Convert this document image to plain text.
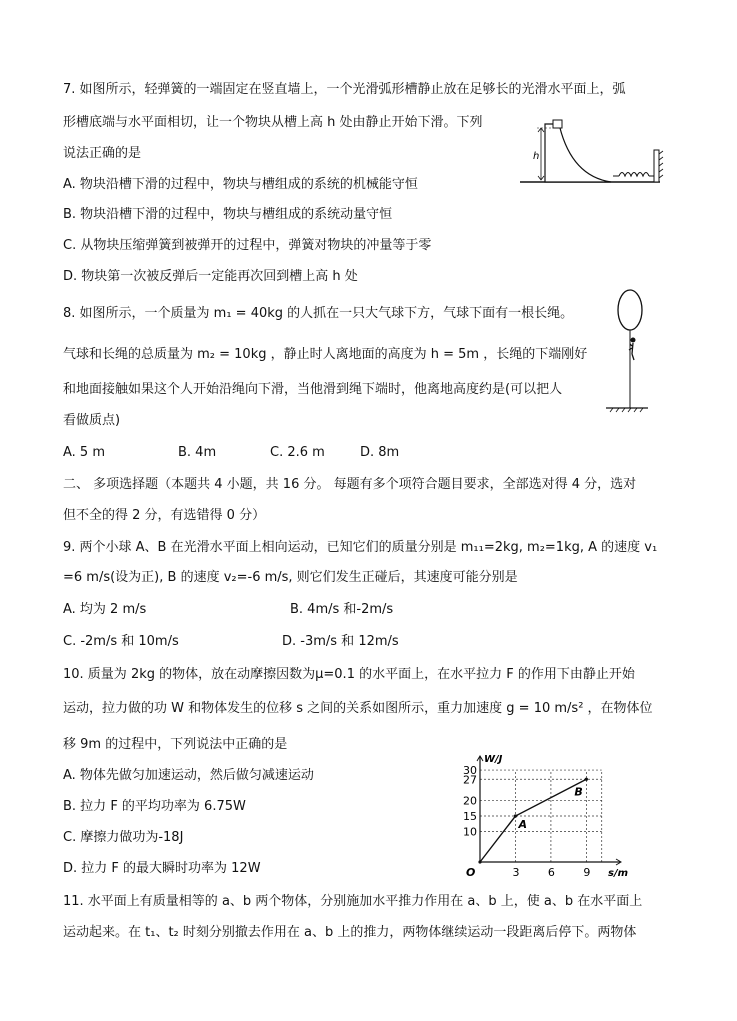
7. 如图所示，轻弹簧的一端固定在竖直墙上，一个光滑弧形槽静止放在足够长的光滑水平面上，弧
形槽底端与水平面相切，让一个物块从槽上高 h 处由静止开始下滑。下列
说法正确的是
A. 物块沿槽下滑的过程中，物块与槽组成的系统的机械能守恒
B. 物块沿槽下滑的过程中，物块与槽组成的系统动量守恒
C. 从物块压缩弹簧到被弹开的过程中，弹簧对物块的冲量等于零
D. 物块第一次被反弹后一定能再次回到槽上高 h 处
h
8. 如图所示，一个质量为 m₁ = 40kg 的人抓在一只大气球下方，气球下面有一根长绳。
气球和长绳的总质量为 m₂ = 10kg ，静止时人离地面的高度为 h = 5m ，长绳的下端刚好
和地面接触如果这个人开始沿绳向下滑，当他滑到绳下端时，他离地高度约是(可以把人
看做质点)
A. 5 m	B. 4m	C. 2.6 m	D. 8m
二、 多项选择题（本题共 4 小题，共 16 分。 每题有多个项符合题目要求，全部选对得 4 分，选对
但不全的得 2 分，有选错得 0 分）
9. 两个小球 A、B 在光滑水平面上相向运动，已知它们的质量分别是 m₁₁=2kg, m₂=1kg, A 的速度 v₁
=6 m/s(设为正), B 的速度 v₂=-6 m/s, 则它们发生正碰后，其速度可能分别是
A. 均为 2 m/s	B. 4m/s 和-2m/s
C. -2m/s 和 10m/s	D. -3m/s 和 12m/s
10. 质量为 2kg 的物体，放在动摩擦因数为μ=0.1 的水平面上，在水平拉力 F 的作用下由静止开始
运动，拉力做的功 W 和物体发生的位移 s 之间的关系如图所示，重力加速度 g = 10 m/s² ，在物体位
移 9m 的过程中，下列说法中正确的是
A. 物体先做匀加速运动，然后做匀减速运动
B. 拉力 F 的平均功率为 6.75W
C. 摩擦力做功为-18J
D. 拉力 F 的最大瞬时功率为 12W	3	6	9
10
15
20
27
30
O	s/m
W/J
A
B
11. 水平面上有质量相等的 a、b 两个物体，分别施加水平推力作用在 a、b 上，使 a、b 在水平面上
运动起来。在 t₁、t₂ 时刻分别撤去作用在 a、b 上的推力，两物体继续运动一段距离后停下。两物体
